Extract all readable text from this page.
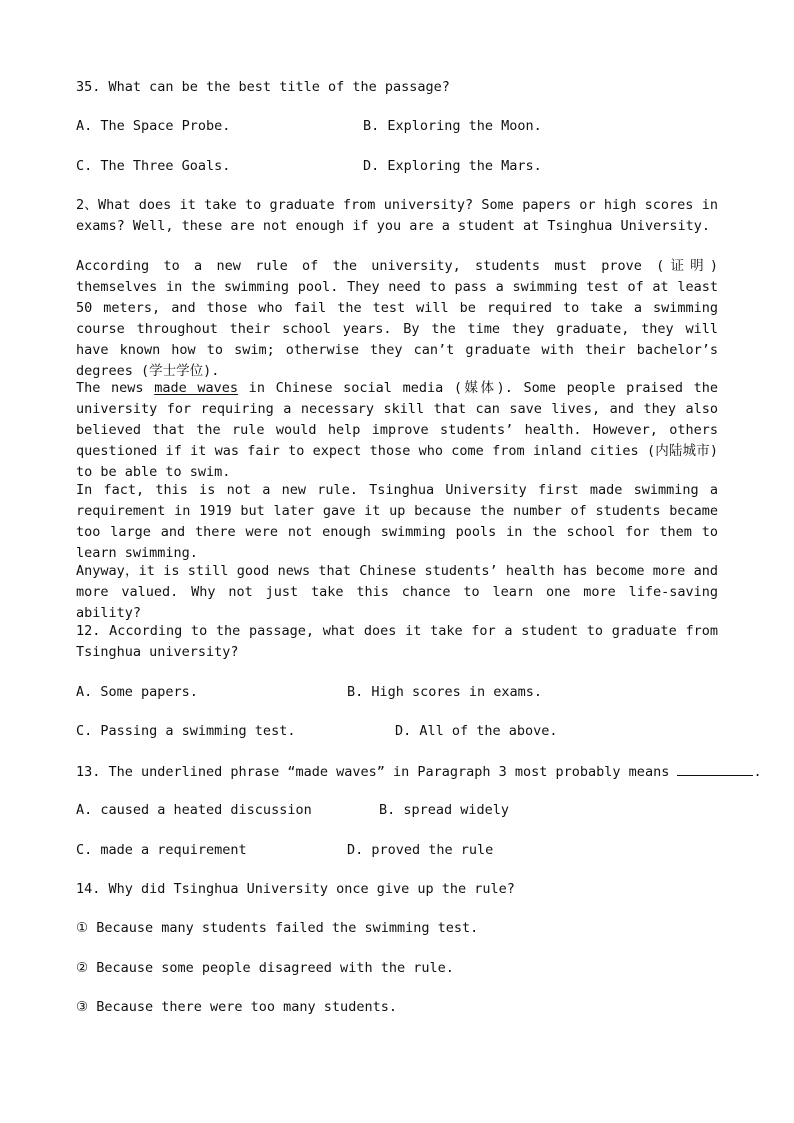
35. What can be the best title of the passage?
A. The Space Probe.	B. Exploring the Moon.
C. The Three Goals.	D. Exploring the Mars.
2、What does it take to graduate from university? Some papers or high scores in exams? Well, these are not enough if you are a student at Tsinghua University.
According to a new rule of the university, students must prove (证明) themselves in the swimming pool. They need to pass a swimming test of at least 50 meters, and those who fail the test will be required to take a swimming course throughout their school years. By the time they graduate, they will have known how to swim; otherwise they can’t graduate with their bachelor’s degrees (学士学位).
The news made waves in Chinese social media (媒体). Some people praised the university for requiring a necessary skill that can save lives, and they also believed that the rule would help improve students’ health. However, others questioned if it was fair to expect those who come from inland cities (内陆城市) to be able to swim.
In fact, this is not a new rule. Tsinghua University first made swimming a requirement in 1919 but later gave it up because the number of students became too large and there were not enough swimming pools in the school for them to learn swimming.
Anyway，it is still good news that Chinese students’ health has become more and more valued. Why not just take this chance to learn one more life-saving ability?
12. According to the passage, what does it take for a student to graduate from Tsinghua university?
A. Some papers.	B. High scores in exams.
C. Passing a swimming test.	D. All of the above.
13. The underlined phrase “made waves” in Paragraph 3 most probably means	.
A. caused a heated discussion	B. spread widely
C. made a requirement	D. proved the rule
14. Why did Tsinghua University once give up the rule?
① Because many students failed the swimming test.
② Because some people disagreed with the rule.
③ Because there were too many students.
